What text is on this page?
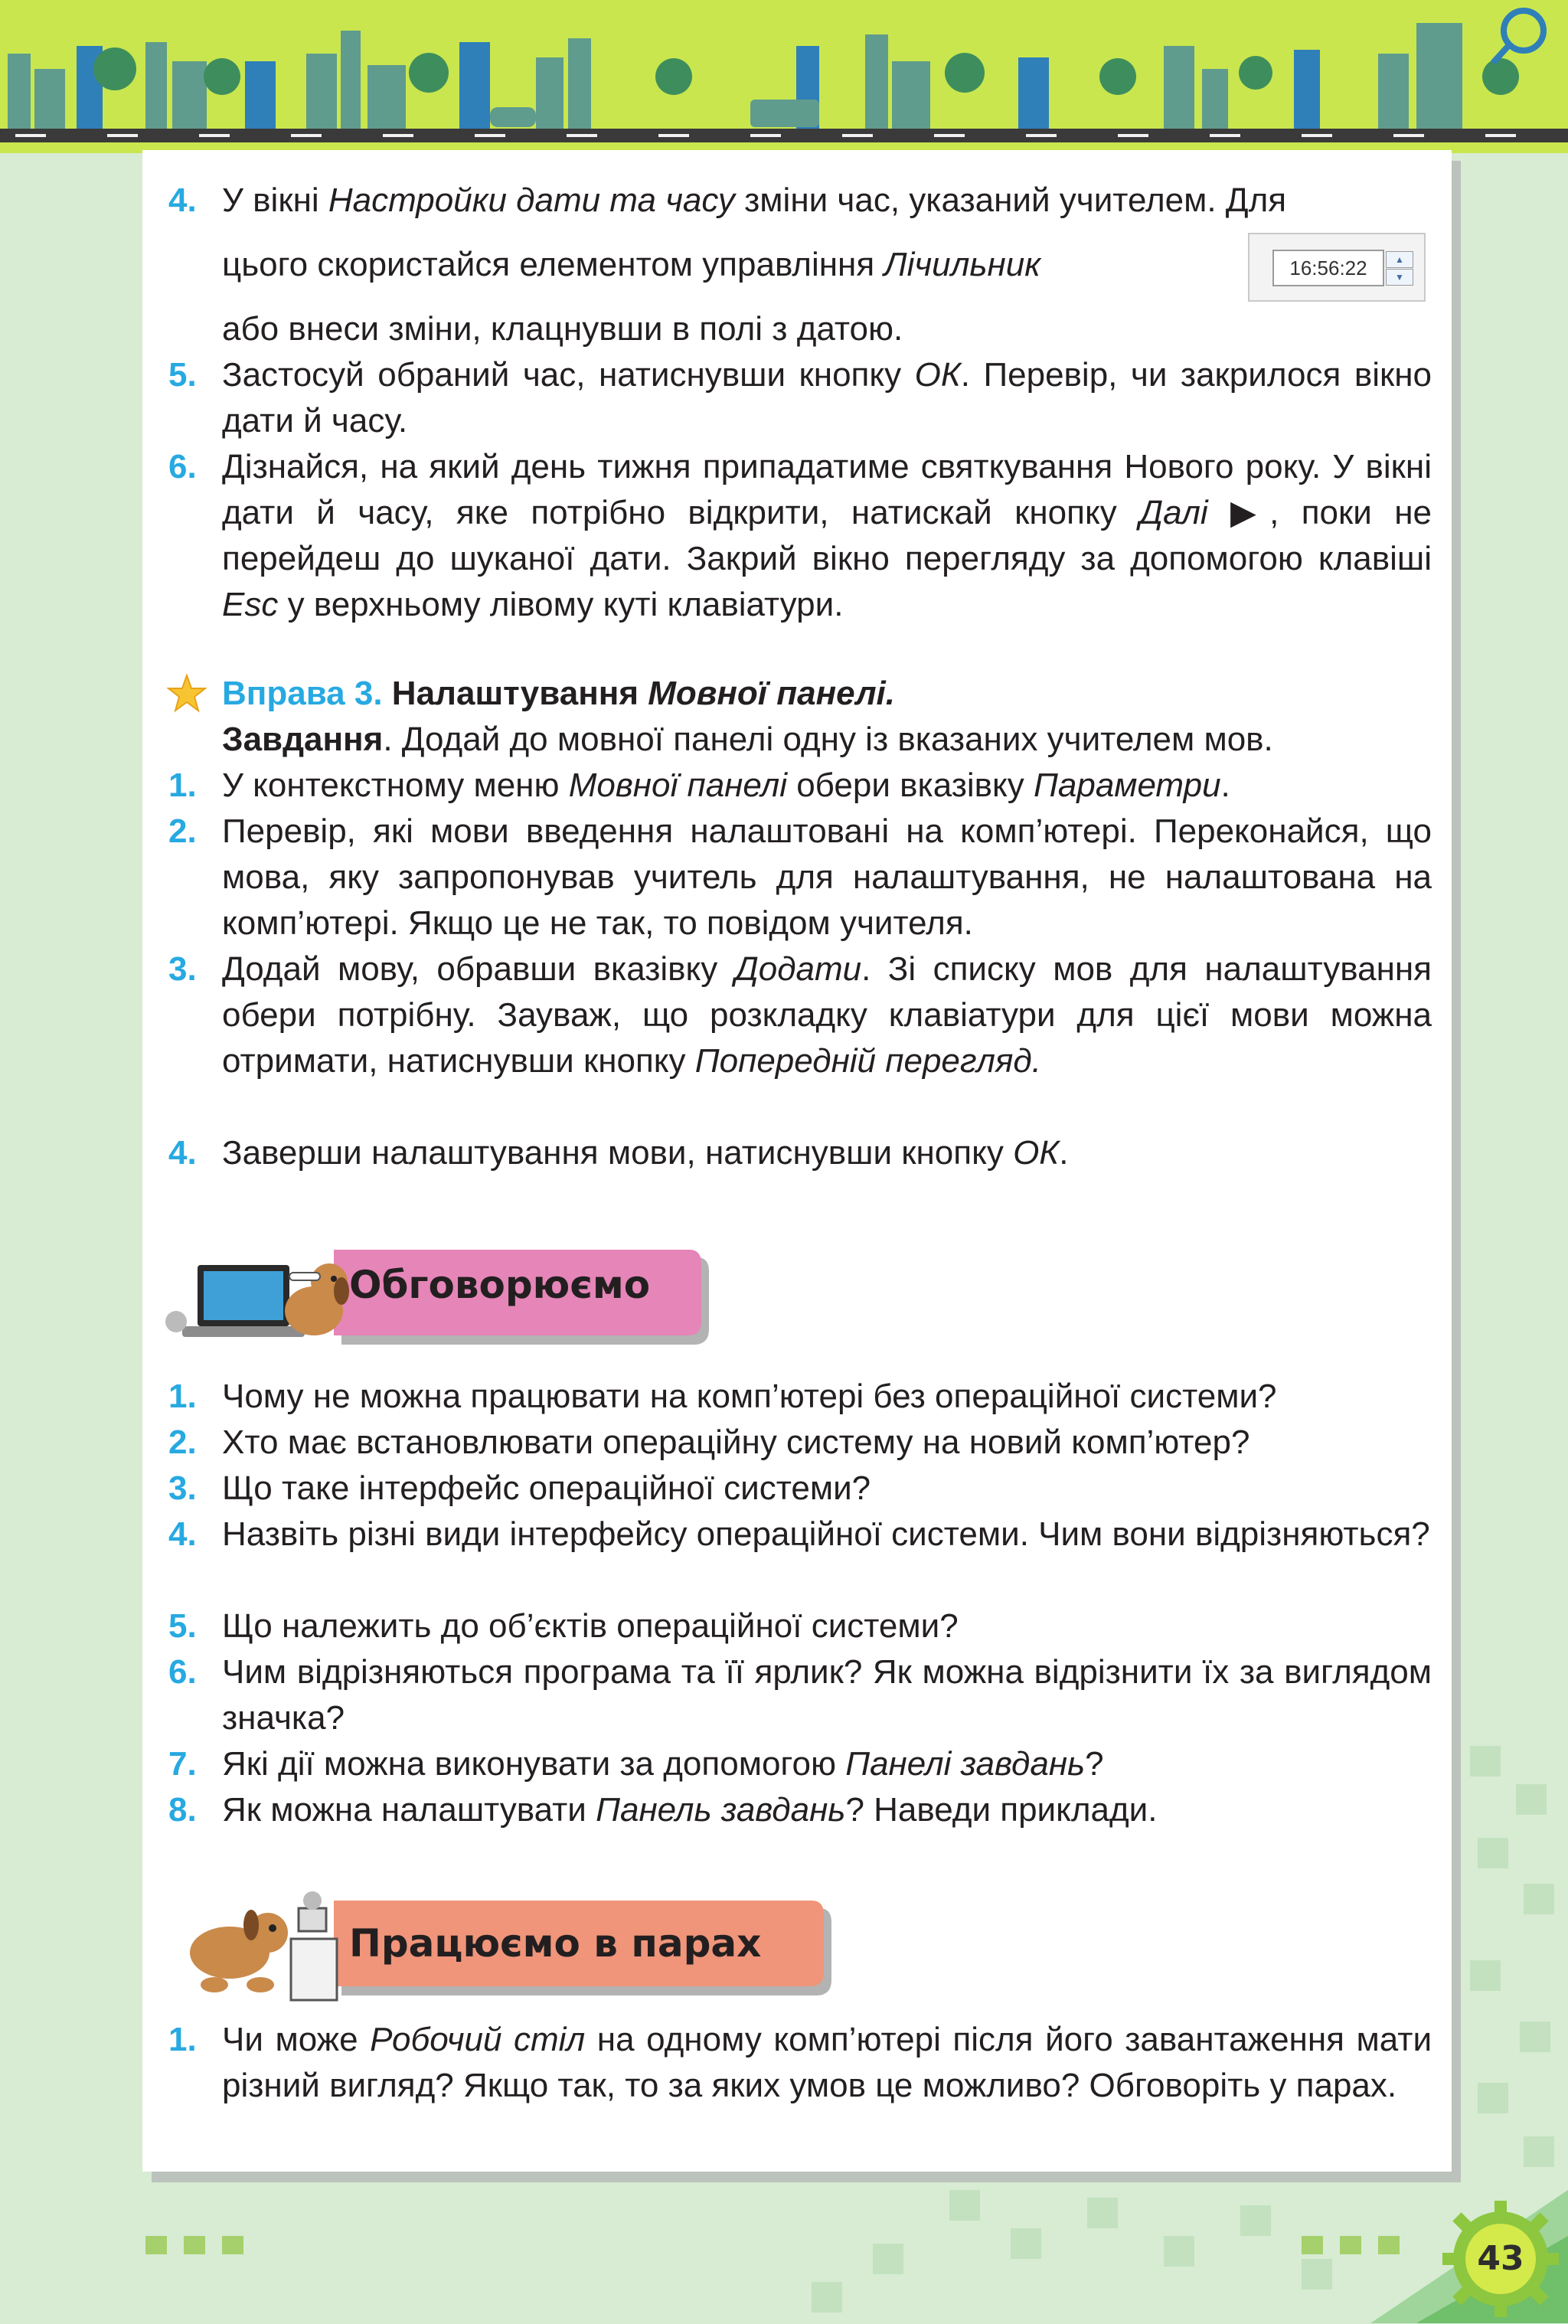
4. У вікні Настройки дати та часу зміни час, указаний учителем. Для
цього скористайся елементом управління Лічильник	16:56:22	▲
▼
або внеси зміни, клацнувши в полі з датою.
5. Застосуй обраний час, натиснувши кнопку ОК. Перевір, чи закрилося вікно дати й часу.
6. Дізнайся, на який день тижня припадатиме святкування Нового року. У вікні дати й часу, яке потрібно відкрити, натискай кнопку Далі ▶, поки не перейдеш до шуканої дати. Закрий вікно перегляду за допомогою клавіші Esc у верхньому лівому куті клавіатури.
Вправа 3. Налаштування Мовної панелі.
Завдання. Додай до мовної панелі одну із вказаних учителем мов.
1. У контекстному меню Мовної панелі обери вказівку Параметри.
2. Перевір, які мови введення налаштовані на комп’ютері. Переконайся, що мова, яку запропонував учитель для налаштування, не налаштована на комп’ютері. Якщо це не так, то повідом учителя.
3. Додай мову, обравши вказівку Додати. Зі списку мов для налаштування обери потрібну. Зауваж, що розкладку клавіатури для цієї мови можна отримати, натиснувши кнопку Попередній перегляд.
4. Заверши налаштування мови, натиснувши кнопку ОК.
Обговорюємо
1. Чому не можна працювати на комп’ютері без операційної системи?
2. Хто має встановлювати операційну систему на новий комп’ютер?
3. Що таке інтерфейс операційної системи?
4. Назвіть різні види інтерфейсу операційної системи. Чим вони відрізняються?
5. Що належить до об’єктів операційної системи?
6. Чим відрізняються програма та її ярлик? Як можна відрізнити їх за виглядом значка?
7. Які дії можна виконувати за допомогою Панелі завдань?
8. Як можна налаштувати Панель завдань? Наведи приклади.
Працюємо в парах
1. Чи може Робочий стіл на одному комп’ютері після його завантаження мати різний вигляд? Якщо так, то за яких умов це можливо? Обговоріть у парах.
43
